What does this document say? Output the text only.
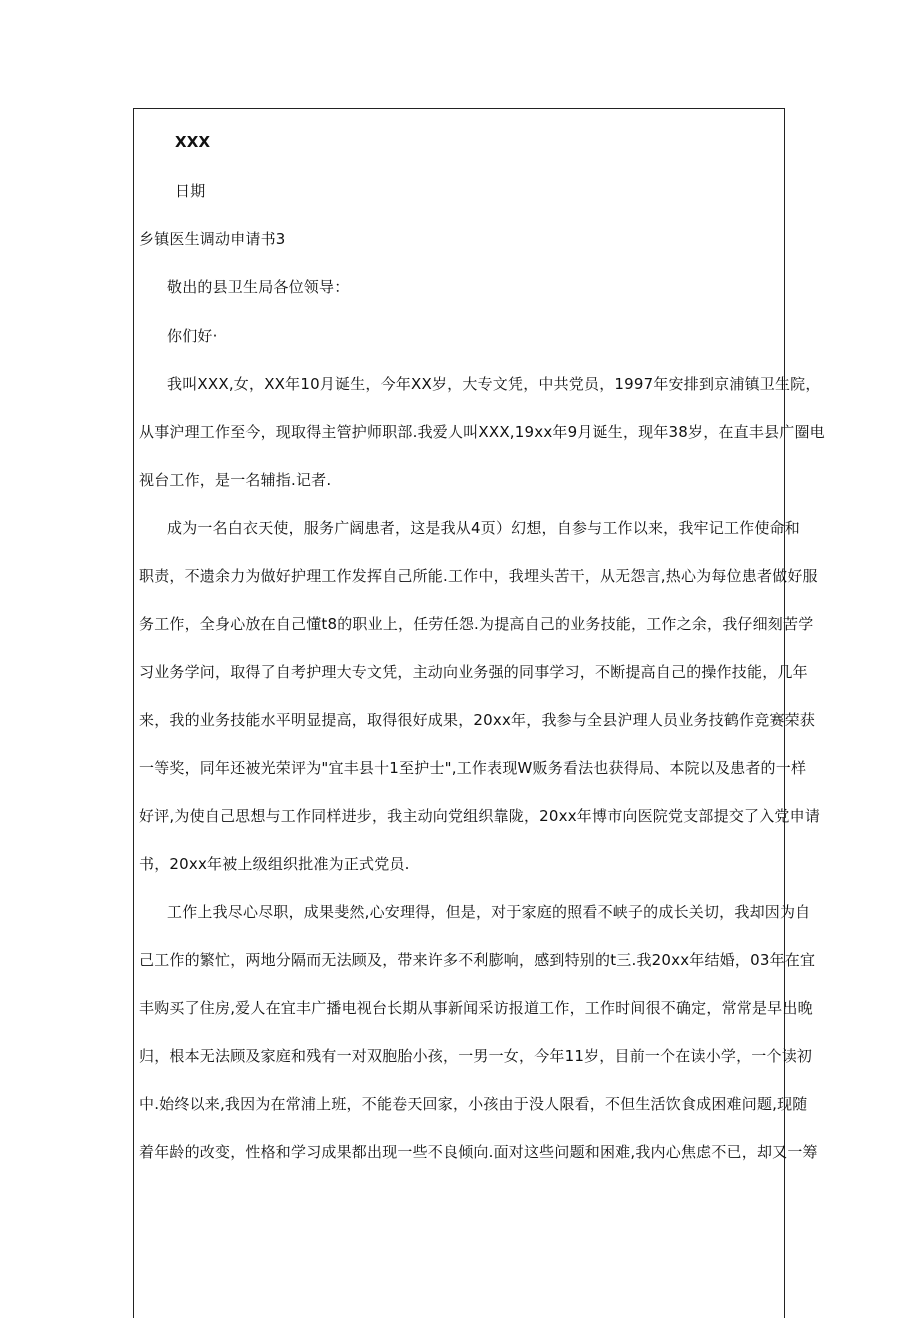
XXX
日期
乡镇医生调动申请书3
敬出的县卫生局各位领导：
你们好·
我叫XXX,女，XX年10月诞生，今年XX岁，大专文凭，中共党员，1997年安排到京浦镇卫生院，
从事沪理工作至今，现取得主管护师职部.我爱人叫XXX,19xx年9月诞生，现年38岁，在直丰县广圈电
视台工作，是一名辅指.记者.
成为一名白衣天使，服务广阔患者，这是我从4页）幻想，自参与工作以来，我牢记工作使命和
职责，不遗余力为做好护理工作发挥自己所能.工作中，我埋头苦干，从无怨言,热心为每位患者做好服
务工作，全身心放在自己懂t8的职业上，任劳任怨.为提高自己的业务技能，工作之余，我仔细刻苦学
习业务学问，取得了自考护理大专文凭，主动向业务强的同事学习，不断提高自己的操作技能，几年
来，我的业务技能水平明显提高，取得很好成果，20xx年，我参与全县沪理人员业务技鹤作竞赛荣获
一等奖，同年还被光荣评为"宜丰县十1至护士",工作表现W贩务看法也获得局、本院以及患者的一样
好评,为使自己思想与工作同样进步，我主动向党组织靠陇，20xx年博市向医院党支部提交了入党申请
书，20xx年被上级组织批准为正式党员.
工作上我尽心尽职，成果斐然,心安理得，但是，对于家庭的照看不峡子的成长关切，我却因为自
己工作的繁忙，两地分隔而无法顾及，带来许多不利膨响，感到特别的t三.我20xx年结婚，03年在宜
丰购买了住房,爱人在宜丰广播电视台长期从事新闻采访报道工作，工作时间很不确定，常常是早出晚
归，根本无法顾及家庭和残有一对双胞胎小孩，一男一女，今年11岁，目前一个在读小学，一个读初
中.始终以来,我因为在常浦上班，不能卷天回家，小孩由于没人限看，不但生活饮食成困难问题,现随
着年龄的改变，性格和学习成果都出现一些不良倾向.面对这些问题和困难,我内心焦虑不已，却又一筹
